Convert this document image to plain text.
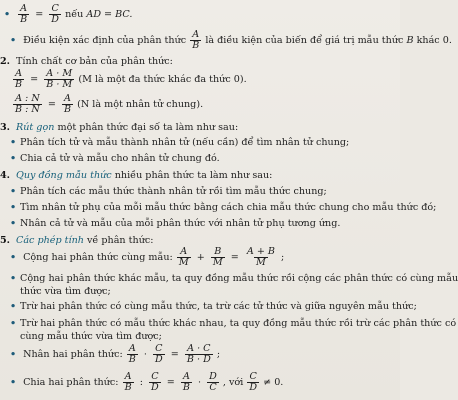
• $\frac{A}{B} = \frac{C}{D}$ nếu AD = BC.
• Điều kiện xác định của phân thức $\frac{A}{B}$ là điều kiện của biến để giá trị mẫu thức B khác 0.
2. Tính chất cơ bản của phân thức:
$\frac{A}{B} = \frac{A \cdot M}{B \cdot M} (M$ là một đa thức khác đa thức 0).
$\frac{A : N}{B : N} = \frac{A}{B} (N$ là một nhân tử chung).
3. Rút gọn một phân thức đại số ta làm như sau:
• Phân tích tử và mẫu thành nhân tử (nếu cần) để tìm nhân tử chung;
• Chia cả tử và mẫu cho nhân tử chung đó.
4. Quy đồng mẫu thức nhiều phân thức ta làm như sau:
• Phân tích các mẫu thức thành nhân tử rồi tìm mẫu thức chung;
• Tìm nhân tử phụ của mỗi mẫu thức bằng cách chia mẫu thức chung cho mẫu thức đó;
• Nhân cả tử và mẫu của mỗi phân thức với nhân tử phụ tương ứng.
5. Các phép tính về phân thức:
• Cộng hai phân thức cùng mẫu: $\frac{A}{M} + \frac{B}{M} = \frac{A + B}{M}$ ;
• Cộng hai phân thức khác mẫu, ta quy đồng mẫu thức rồi cộng các phân thức có cùng mẫu
thức vừa tìm được;
• Trừ hai phân thức có cùng mẫu thức, ta trừ các tử thức và giữa nguyên mẫu thức;
• Trừ hai phân thức có mẫu thức khác nhau, ta quy đồng mẫu thức rồi trừ các phân thức có
cùng mẫu thức vừa tìm được;
• Nhân hai phân thức: $\frac{A}{B} \cdot \frac{C}{D} = \frac{A \cdot C}{B \cdot D}$ ;
• Chia hai phân thức: $\frac{A}{B}$ : $\frac{C}{D} = \frac{A}{B} \cdot \frac{D}{C}$ , với $\frac{C}{D} \ne 0$.
